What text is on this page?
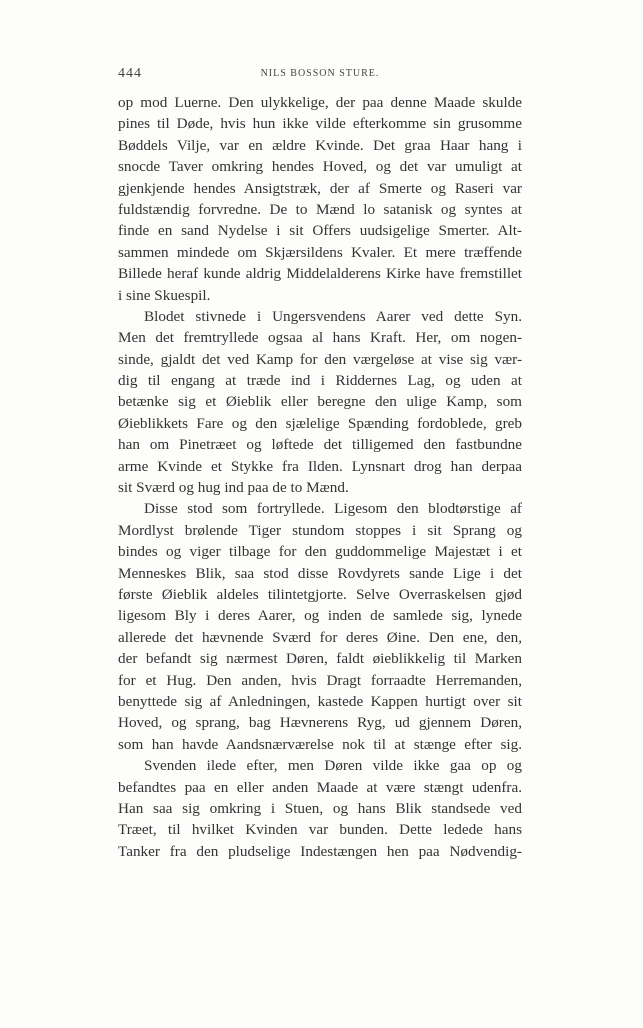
444	NILS BOSSON STURE.
op mod Luerne. Den ulykkelige, der paa denne Maade skulde
pines til Døde, hvis hun ikke vilde efterkomme sin grusomme
Bøddels Vilje, var en ældre Kvinde. Det graa Haar hang i
snocde Taver omkring hendes Hoved, og det var umuligt at
gjenkjende hendes Ansigtstræk, der af Smerte og Raseri var
fuldstændig forvredne. De to Mænd lo satanisk og syntes at
finde en sand Nydelse i sit Offers uudsigelige Smerter. Alt-
sammen mindede om Skjærsildens Kvaler. Et mere træffende
Billede heraf kunde aldrig Middelalderens Kirke have fremstillet
i sine Skuespil.
Blodet stivnede i Ungersvendens Aarer ved dette Syn.
Men det fremtryllede ogsaa al hans Kraft. Her, om nogen-
sinde, gjaldt det ved Kamp for den værgeløse at vise sig vær-
dig til engang at træde ind i Riddernes Lag, og uden at
betænke sig et Øieblik eller beregne den ulige Kamp, som
Øieblikkets Fare og den sjælelige Spænding fordoblede, greb
han om Pinetræet og løftede det tilligemed den fastbundne
arme Kvinde et Stykke fra Ilden. Lynsnart drog han derpaa
sit Sværd og hug ind paa de to Mænd.
Disse stod som fortryllede. Ligesom den blodtørstige af
Mordlyst brølende Tiger stundom stoppes i sit Sprang og
bindes og viger tilbage for den guddommelige Majestæt i et
Menneskes Blik, saa stod disse Rovdyrets sande Lige i det
første Øieblik aldeles tilintetgjorte. Selve Overraskelsen gjød
ligesom Bly i deres Aarer, og inden de samlede sig, lynede
allerede det hævnende Sværd for deres Øine. Den ene, den,
der befandt sig nærmest Døren, faldt øieblikkelig til Marken
for et Hug. Den anden, hvis Dragt forraadte Herremanden,
benyttede sig af Anledningen, kastede Kappen hurtigt over sit
Hoved, og sprang, bag Hævnerens Ryg, ud gjennem Døren,
som han havde Aandsnærværelse nok til at stænge efter sig.
Svenden ilede efter, men Døren vilde ikke gaa op og
befandtes paa en eller anden Maade at være stængt udenfra.
Han saa sig omkring i Stuen, og hans Blik standsede ved
Træet, til hvilket Kvinden var bunden. Dette ledede hans
Tanker fra den pludselige Indestængen hen paa Nødvendig-
